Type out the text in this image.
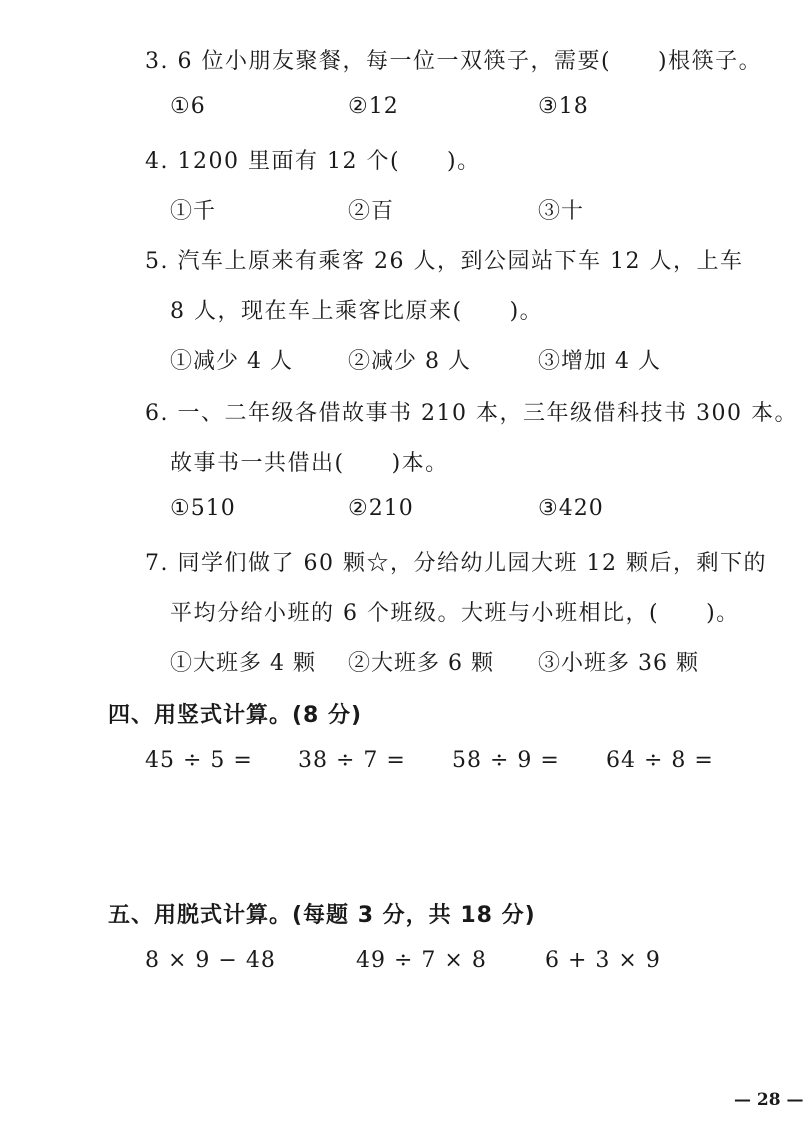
3. 6 位小朋友聚餐，每一位一双筷子，需要(　　)根筷子。
①6	②12	③18
4. 1200 里面有 12 个(　　)。
①千	②百	③十
5. 汽车上原来有乘客 26 人，到公园站下车 12 人，上车
8 人，现在车上乘客比原来(　　)。
①减少 4 人	②减少 8 人	③增加 4 人
6. 一、二年级各借故事书 210 本，三年级借科技书 300 本。
故事书一共借出(　　)本。
①510	②210	③420
7. 同学们做了 60 颗☆，分给幼儿园大班 12 颗后，剩下的
平均分给小班的 6 个班级。大班与小班相比，(　　)。
①大班多 4 颗 ②大班多 6 颗 ③小班多 36 颗
四、用竖式计算。(8 分)
45 ÷ 5 = 38 ÷ 7 = 58 ÷ 9 = 64 ÷ 8 =
五、用脱式计算。(每题 3 分，共 18 分)
8 × 9 − 48	49 ÷ 7 × 8	6 + 3 × 9
— 28 —
